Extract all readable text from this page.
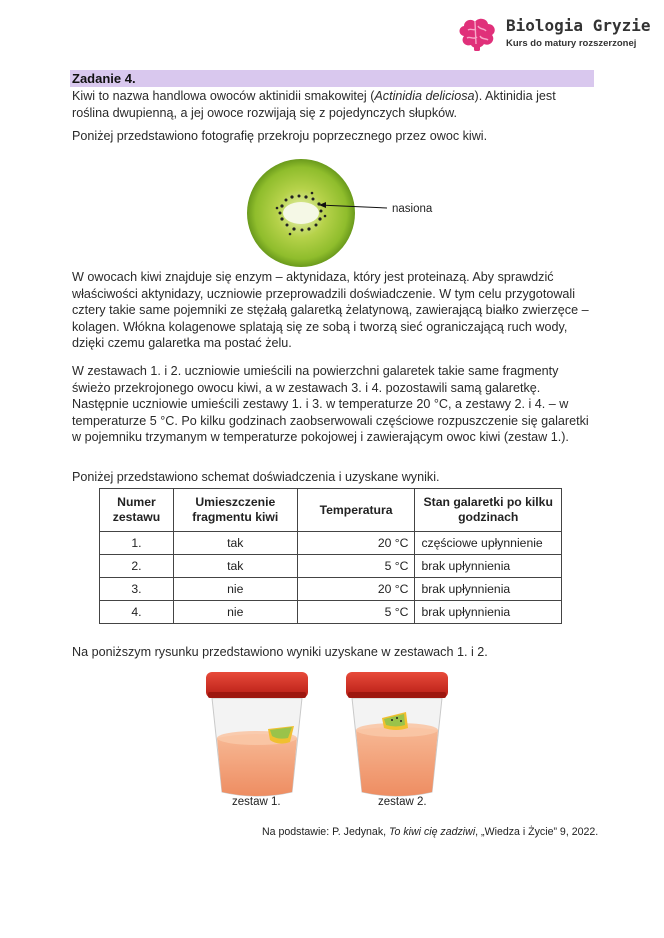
Biologia Gryzie
Kurs do matury rozszerzonej
Zadanie 4.
Kiwi to nazwa handlowa owoców aktinidii smakowitej (Actinidia deliciosa). Aktinidia jest roślina dwupienną, a jej owoce rozwijają się z pojedynczych słupków.
Poniżej przedstawiono fotografię przekroju poprzecznego przez owoc kiwi.
nasiona
W owocach kiwi znajduje się enzym – aktynidaza, który jest proteinazą. Aby sprawdzić właściwości aktynidazy, uczniowie przeprowadzili doświadczenie. W tym celu przygotowali cztery takie same pojemniki ze stężałą galaretką żelatynową, zawierającą białko zwierzęce – kolagen. Włókna kolagenowe splatają się ze sobą i tworzą sieć ograniczającą ruch wody, dzięki czemu galaretka ma postać żelu.
W zestawach 1. i 2. uczniowie umieścili na powierzchni galaretek takie same fragmenty świeżo przekrojonego owocu kiwi, a w zestawach 3. i 4. pozostawili samą galaretkę. Następnie uczniowie umieścili zestawy 1. i 3. w temperaturze 20 °C, a zestawy 2. i 4. – w temperaturze 5 °C. Po kilku godzinach zaobserwowali częściowe rozpuszczenie się galaretki w pojemniku trzymanym w temperaturze pokojowej i zawierającym owoc kiwi (zestaw 1.).
Poniżej przedstawiono schemat doświadczenia i uzyskane wyniki.
Numer zestawu	Umieszczenie fragmentu kiwi	Temperatura	Stan galaretki po kilku godzinach
1.	tak	20 °C	częściowe upłynnienie
2.	tak	5 °C	brak upłynnienia
3.	nie	20 °C	brak upłynnienia
4.	nie	5 °C	brak upłynnienia
Na poniższym rysunku przedstawiono wyniki uzyskane w zestawach 1. i 2.
zestaw 1.	zestaw 2.
Na podstawie: P. Jedynak, To kiwi cię zadziwi, „Wiedza i Życie” 9, 2022.
